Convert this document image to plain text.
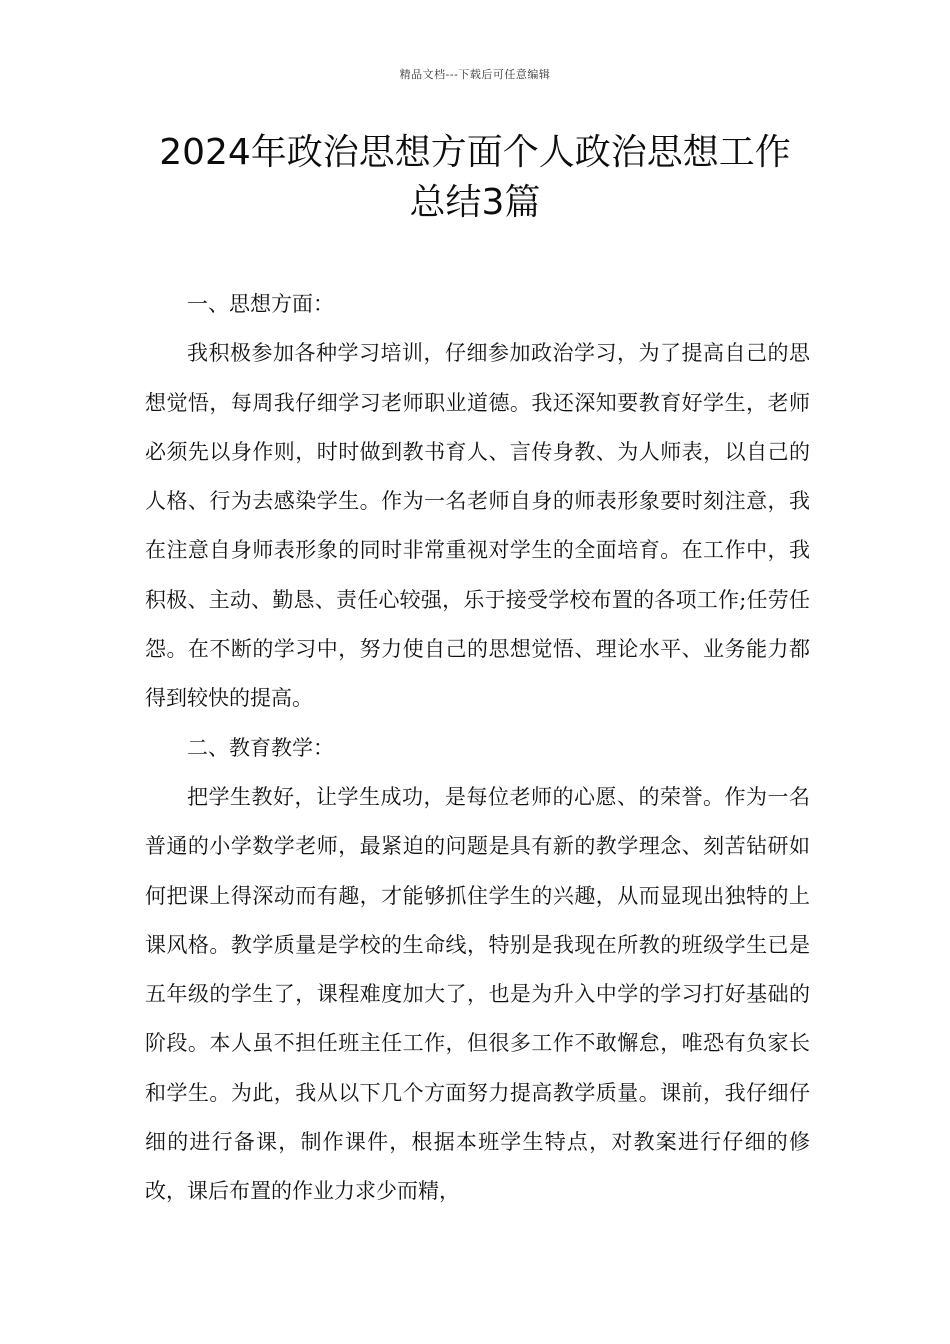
精品文档---下载后可任意编辑
2024年政治思想方面个人政治思想工作
总结3篇

一、思想方面：

我积极参加各种学习培训，仔细参加政治学习，为了提高自己的思想觉悟，每周我仔细学习老师职业道德。我还深知要教育好学生，老师必须先以身作则，时时做到教书育人、言传身教、为人师表，以自己的人格、行为去感染学生。作为一名老师自身的师表形象要时刻注意，我在注意自身师表形象的同时非常重视对学生的全面培育。在工作中，我积极、主动、勤恳、责任心较强，乐于接受学校布置的各项工作;任劳任怨。在不断的学习中，努力使自己的思想觉悟、理论水平、业务能力都得到较快的提高。

二、教育教学：

把学生教好，让学生成功，是每位老师的心愿、的荣誉。作为一名普通的小学数学老师，最紧迫的问题是具有新的教学理念、刻苦钻研如何把课上得深动而有趣，才能够抓住学生的兴趣，从而显现出独特的上课风格。教学质量是学校的生命线，特别是我现在所教的班级学生已是五年级的学生了，课程难度加大了，也是为升入中学的学习打好基础的阶段。本人虽不担任班主任工作，但很多工作不敢懈怠，唯恐有负家长和学生。为此，我从以下几个方面努力提高教学质量。课前，我仔细仔细的进行备课，制作课件，根据本班学生特点，对教案进行仔细的修改，课后布置的作业力求少而精，
